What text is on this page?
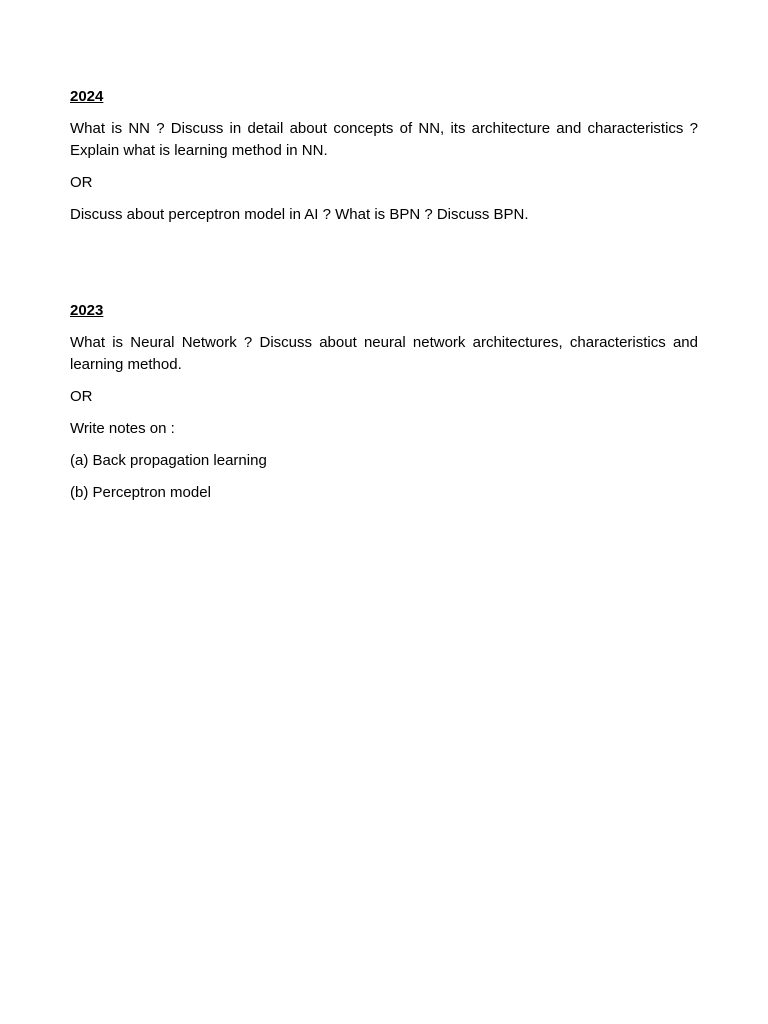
2024

What is NN ? Discuss in detail about concepts of NN, its architecture and characteristics ? Explain what is learning method in NN.

OR

Discuss about perceptron model in AI ? What is BPN ? Discuss BPN.

2023

What is Neural Network ? Discuss about neural network architectures, characteristics and learning method.

OR

Write notes on :

(a) Back propagation learning

(b) Perceptron model
